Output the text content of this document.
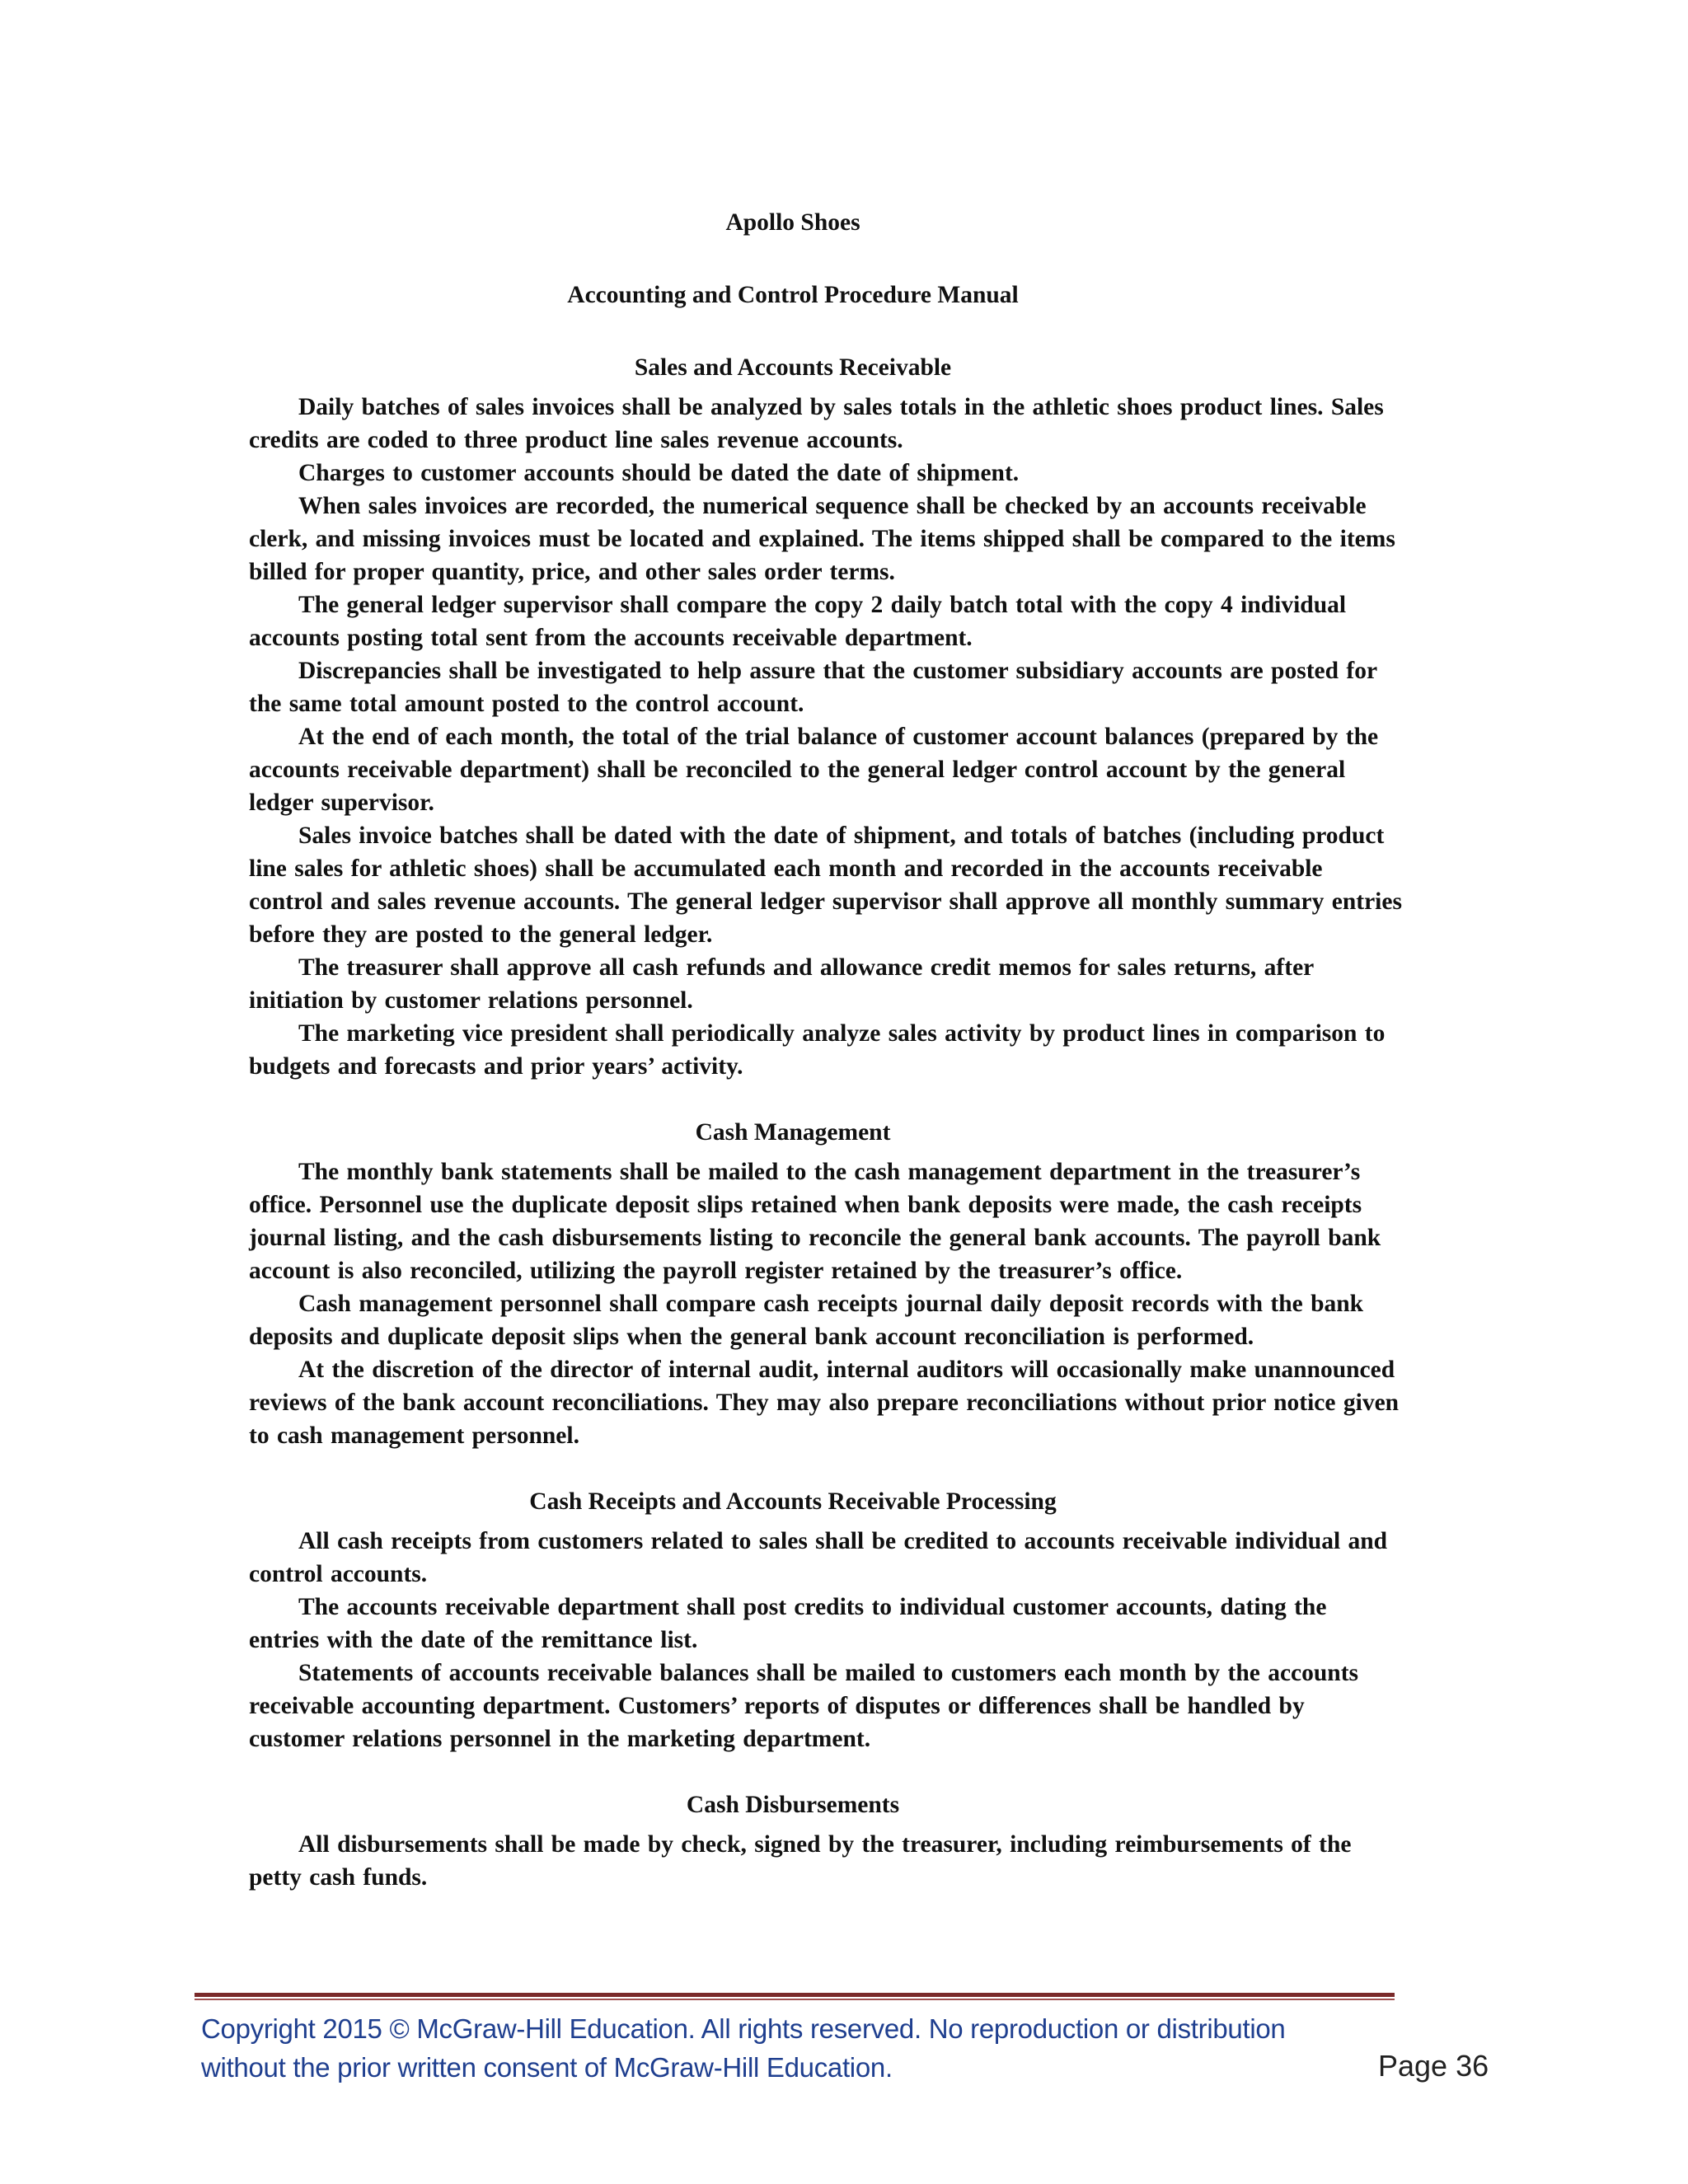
Apollo Shoes
Accounting and Control Procedure Manual
Sales and Accounts Receivable

Daily batches of sales invoices shall be analyzed by sales totals in the athletic shoes product lines. Sales credits are coded to three product line sales revenue accounts.

Charges to customer accounts should be dated the date of shipment.

When sales invoices are recorded, the numerical sequence shall be checked by an accounts receivable clerk, and missing invoices must be located and explained. The items shipped shall be compared to the items billed for proper quantity, price, and other sales order terms.

The general ledger supervisor shall compare the copy 2 daily batch total with the copy 4 individual accounts posting total sent from the accounts receivable department.

Discrepancies shall be investigated to help assure that the customer subsidiary accounts are posted for the same total amount posted to the control account.

At the end of each month, the total of the trial balance of customer account balances (prepared by the accounts receivable department) shall be reconciled to the general ledger control account by the general ledger supervisor.

Sales invoice batches shall be dated with the date of shipment, and totals of batches (including product line sales for athletic shoes) shall be accumulated each month and recorded in the accounts receivable control and sales revenue accounts. The general ledger supervisor shall approve all monthly summary entries before they are posted to the general ledger.

The treasurer shall approve all cash refunds and allowance credit memos for sales returns, after initiation by customer relations personnel.

The marketing vice president shall periodically analyze sales activity by product lines in comparison to budgets and forecasts and prior years’ activity.

Cash Management

The monthly bank statements shall be mailed to the cash management department in the treasurer’s office. Personnel use the duplicate deposit slips retained when bank deposits were made, the cash receipts journal listing, and the cash disbursements listing to reconcile the general bank accounts. The payroll bank account is also reconciled, utilizing the payroll register retained by the treasurer’s office.

Cash management personnel shall compare cash receipts journal daily deposit records with the bank deposits and duplicate deposit slips when the general bank account reconciliation is performed.

At the discretion of the director of internal audit, internal auditors will occasionally make unannounced reviews of the bank account reconciliations. They may also prepare reconciliations without prior notice given to cash management personnel.

Cash Receipts and Accounts Receivable Processing

All cash receipts from customers related to sales shall be credited to accounts receivable individual and control accounts.

The accounts receivable department shall post credits to individual customer accounts, dating the entries with the date of the remittance list.

Statements of accounts receivable balances shall be mailed to customers each month by the accounts receivable accounting department. Customers’ reports of disputes or differences shall be handled by customer relations personnel in the marketing department.

Cash Disbursements

All disbursements shall be made by check, signed by the treasurer, including reimbursements of the petty cash funds.

Copyright 2015 © McGraw-Hill Education. All rights reserved. No reproduction or distribution
without the prior written consent of McGraw-Hill Education.	Page 36
